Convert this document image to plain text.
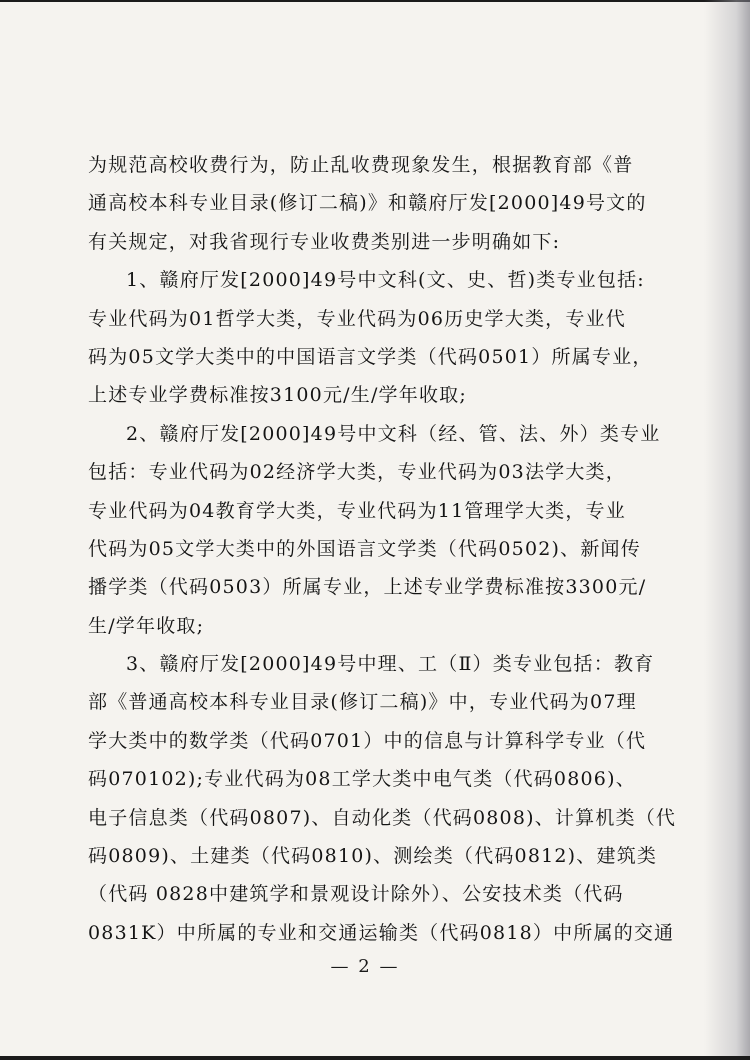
为规范高校收费行为，防止乱收费现象发生，根据教育部《普
通高校本科专业目录(修订二稿)》和赣府厅发[2000]49号文的
有关规定，对我省现行专业收费类别进一步明确如下:
1、赣府厅发[2000]49号中文科(文、史、哲)类专业包括:
专业代码为01哲学大类，专业代码为06历史学大类，专业代
码为05文学大类中的中国语言文学类（代码0501）所属专业，
上述专业学费标准按3100元/生/学年收取;
2、赣府厅发[2000]49号中文科（经、管、法、外）类专业
包括：专业代码为02经济学大类，专业代码为03法学大类，
专业代码为04教育学大类，专业代码为11管理学大类，专业
代码为05文学大类中的外国语言文学类（代码0502)、新闻传
播学类（代码0503）所属专业，上述专业学费标准按3300元/
生/学年收取;
3、赣府厅发[2000]49号中理、工（Ⅱ）类专业包括：教育
部《普通高校本科专业目录(修订二稿)》中，专业代码为07理
学大类中的数学类（代码0701）中的信息与计算科学专业（代
码070102);专业代码为08工学大类中电气类（代码0806)、
电子信息类（代码0807)、自动化类（代码0808)、计算机类（代
码0809)、土建类（代码0810)、测绘类（代码0812)、建筑类
（代码 0828中建筑学和景观设计除外）、公安技术类（代码
0831K）中所属的专业和交通运输类（代码0818）中所属的交通
— 2 —
